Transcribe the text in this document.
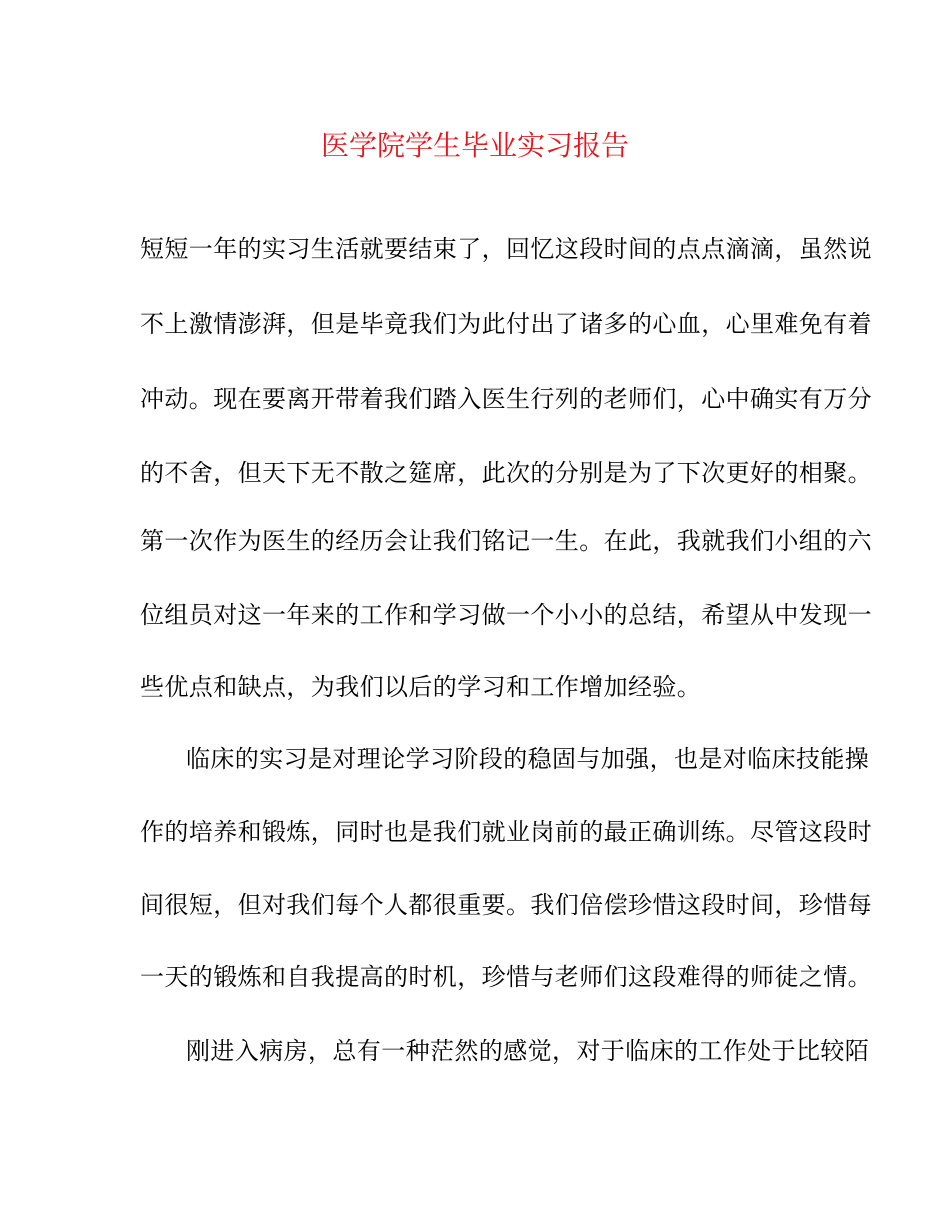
医学院学生毕业实习报告

短短一年的实习生活就要结束了，回忆这段时间的点点滴滴，虽然说

不上激情澎湃，但是毕竟我们为此付出了诸多的心血，心里难免有着

冲动。现在要离开带着我们踏入医生行列的老师们，心中确实有万分

的不舍，但天下无不散之筵席，此次的分别是为了下次更好的相聚。

第一次作为医生的经历会让我们铭记一生。在此，我就我们小组的六

位组员对这一年来的工作和学习做一个小小的总结，希望从中发现一

些优点和缺点，为我们以后的学习和工作增加经验。

临床的实习是对理论学习阶段的稳固与加强，也是对临床技能操

作的培养和锻炼，同时也是我们就业岗前的最正确训练。尽管这段时

间很短，但对我们每个人都很重要。我们倍偿珍惜这段时间，珍惜每

一天的锻炼和自我提高的时机，珍惜与老师们这段难得的师徒之情。

刚进入病房，总有一种茫然的感觉，对于临床的工作处于比较陌
